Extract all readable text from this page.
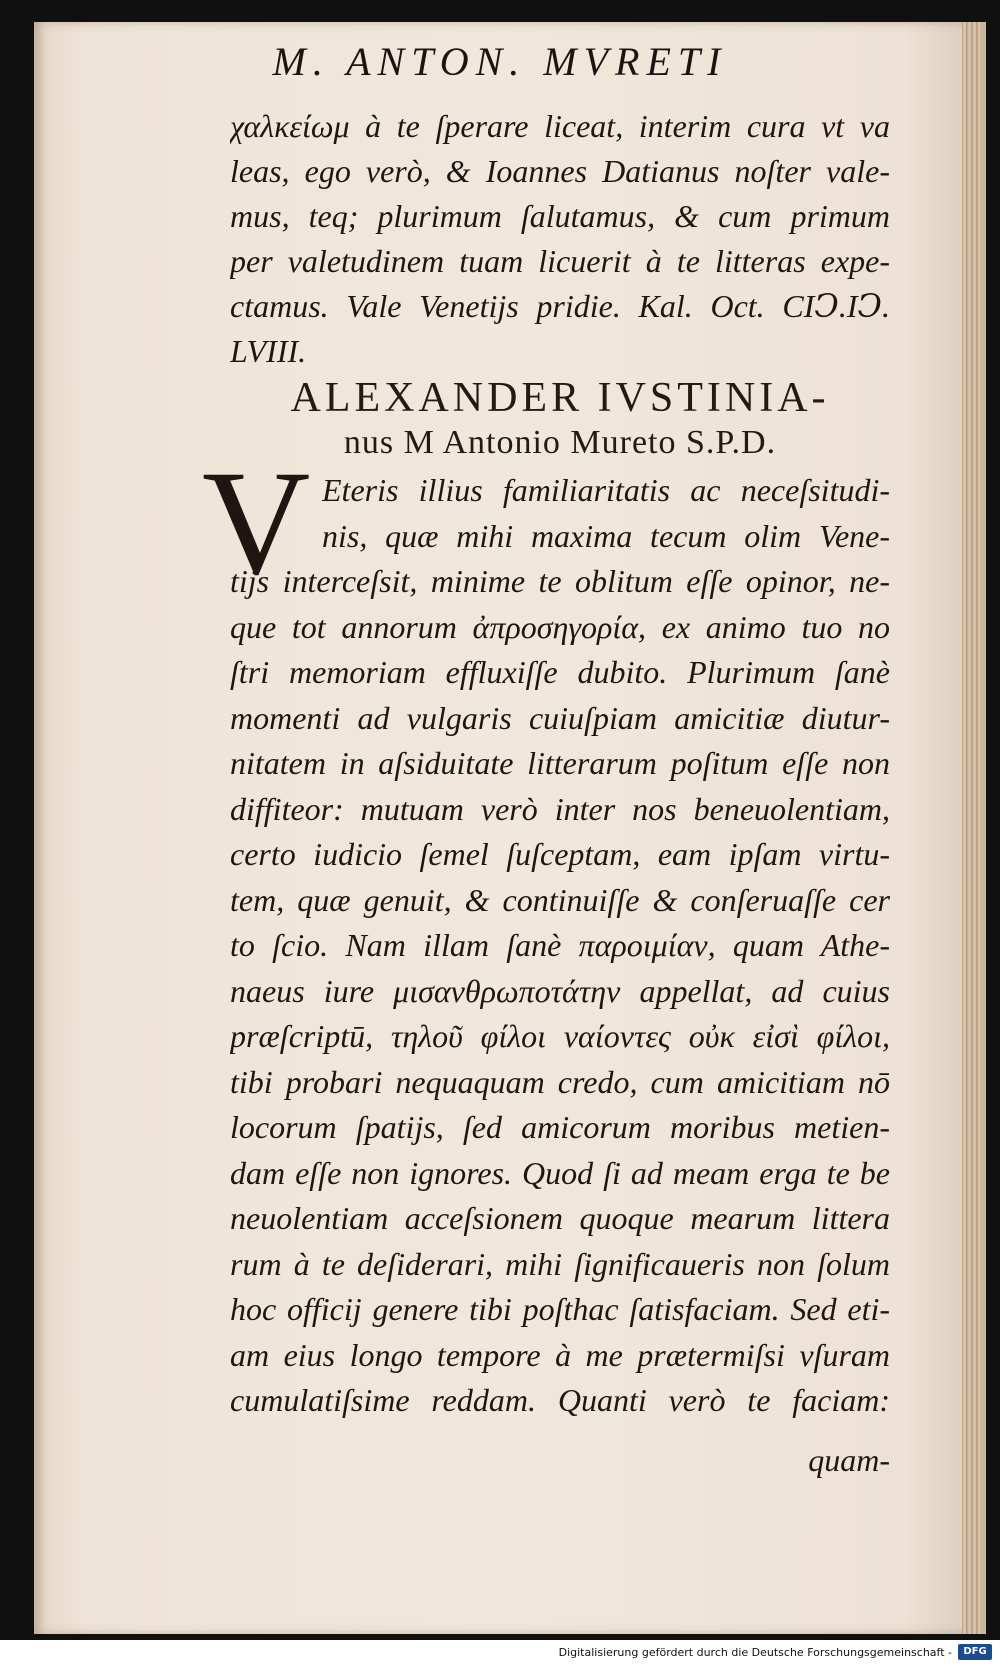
M. ANTON. MVRETI
χαλκείωμ à te ſperare liceat, interim cura vt va
leas, ego verò, & Ioannes Datianus noſter vale-
mus, teq; plurimum ſalutamus, & cum primum
per valetudinem tuam licuerit à te litteras expe-
ctamus. Vale Venetijs pridie. Kal. Oct. CIↃ.IↃ.
LVIII.
ALEXANDER IVSTINIA-
nus M Antonio Mureto S.P.D.
V Eteris illius familiaritatis ac neceſsitudi-
nis, quæ mihi maxima tecum olim Vene-
tijs interceſsit, minime te oblitum eſſe opinor, ne-
que tot annorum ἀπροσηγορία, ex animo tuo no
ſtri memoriam effluxiſſe dubito. Plurimum ſanè
momenti ad vulgaris cuiuſpiam amicitiæ diutur-
nitatem in aſsiduitate litterarum poſitum eſſe non
diffiteor: mutuam verò inter nos beneuolentiam,
certo iudicio ſemel ſuſceptam, eam ipſam virtu-
tem, quæ genuit, & continuiſſe & conſeruaſſe cer
to ſcio. Nam illam ſanè παροιμίαν, quam Athe-
naeus iure μισανθρωποτάτην appellat, ad cuius
præſcriptū, τηλοῦ φίλοι ναίοντες οὐκ εἰσὶ φίλοι,
tibi probari nequaquam credo, cum amicitiam nō
locorum ſpatijs, ſed amicorum moribus metien-
dam eſſe non ignores. Quod ſi ad meam erga te be
neuolentiam acceſsionem quoque mearum littera
rum à te deſiderari, mihi ſignificaueris non ſolum
hoc officij genere tibi poſthac ſatisfaciam. Sed eti-
am eius longo tempore à me prætermiſsi vſuram
cumulatiſsime reddam. Quanti verò te faciam:
quam-
Digitalisierung gefördert durch die Deutsche Forschungsgemeinschaft -	DFG
